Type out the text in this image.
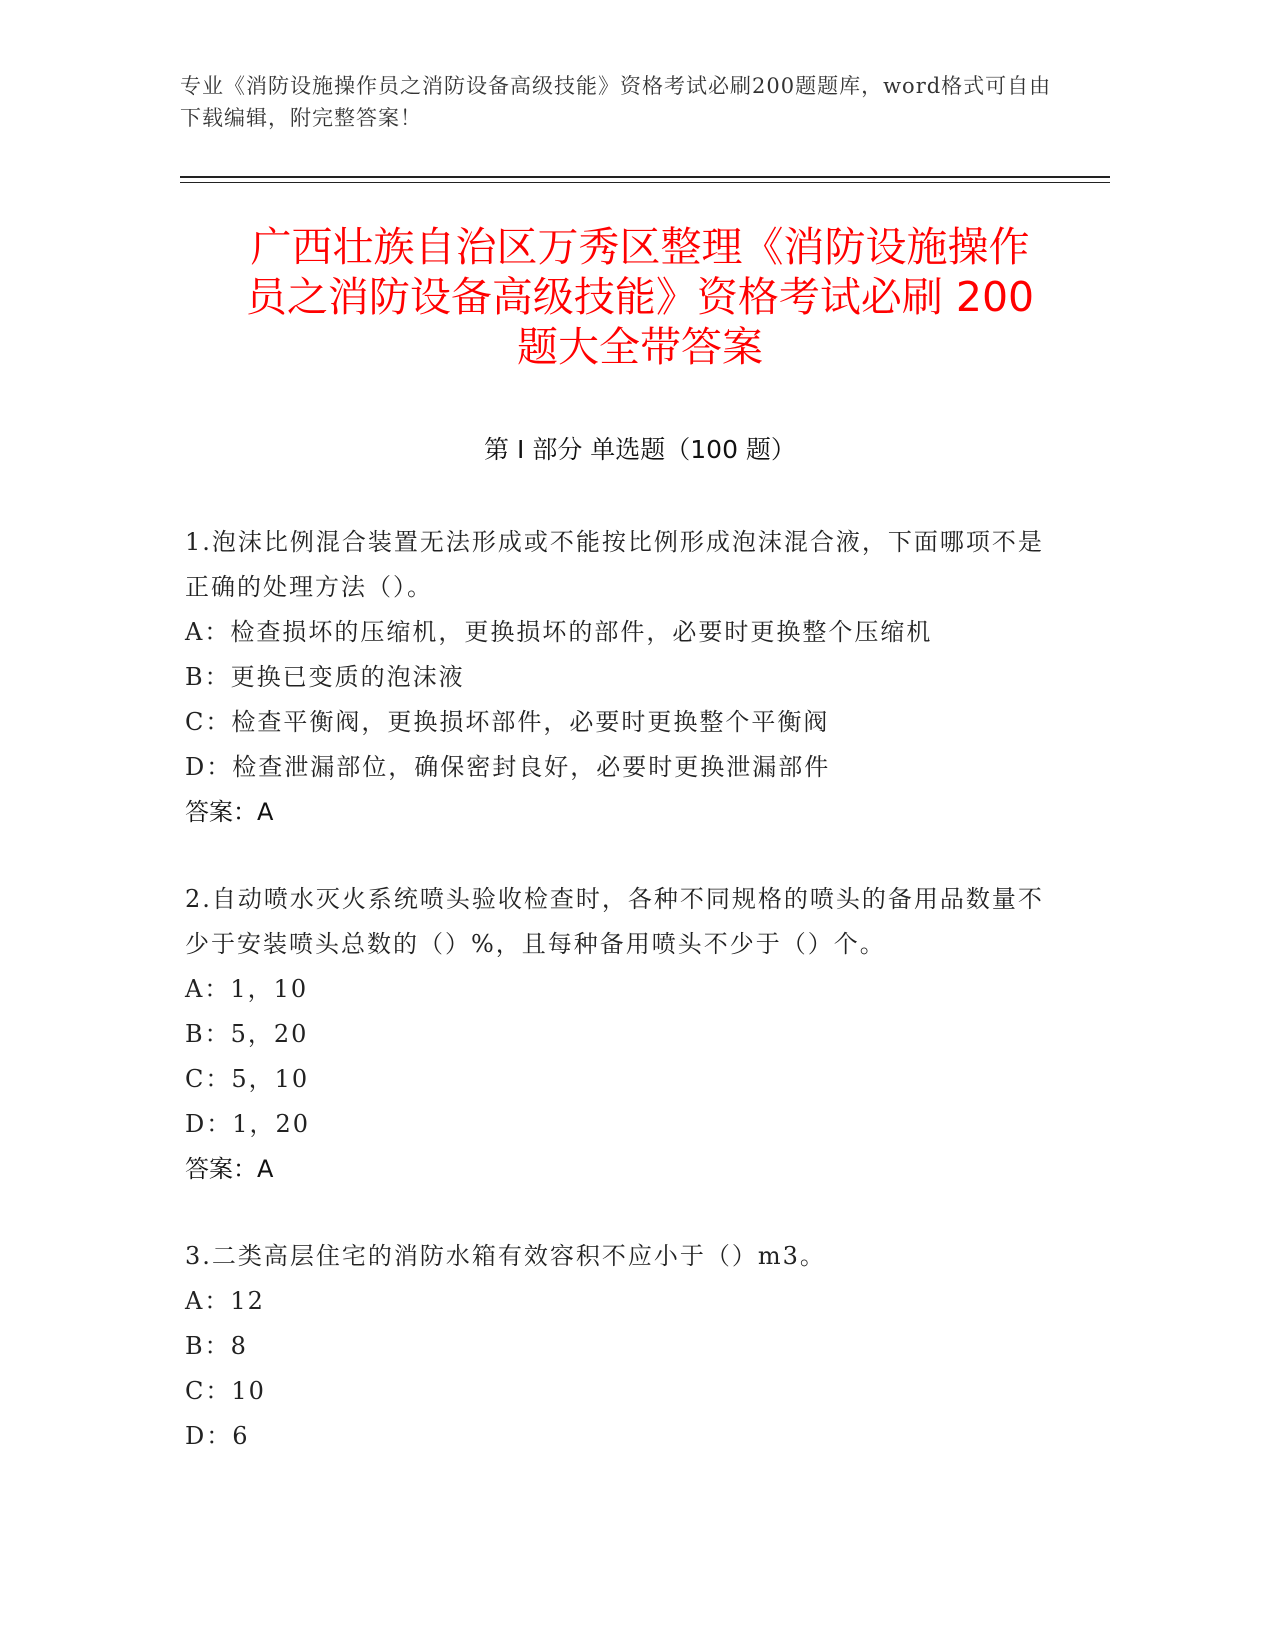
专业《消防设施操作员之消防设备高级技能》资格考试必刷200题题库，word格式可自由下载编辑，附完整答案！
广西壮族自治区万秀区整理《消防设施操作
员之消防设备高级技能》资格考试必刷 200
题大全带答案
第 I 部分 单选题（100 题）
1.泡沫比例混合装置无法形成或不能按比例形成泡沫混合液，下面哪项不是正确的处理方法（）。
A：检查损坏的压缩机，更换损坏的部件，必要时更换整个压缩机
B：更换已变质的泡沫液
C：检查平衡阀，更换损坏部件，必要时更换整个平衡阀
D：检查泄漏部位，确保密封良好，必要时更换泄漏部件
答案：A
2.自动喷水灭火系统喷头验收检查时，各种不同规格的喷头的备用品数量不少于安装喷头总数的（）%，且每种备用喷头不少于（）个。
A：1，10
B：5，20
C：5，10
D：1，20
答案：A
3.二类高层住宅的消防水箱有效容积不应小于（）m3。
A：12
B：8
C：10
D：6
